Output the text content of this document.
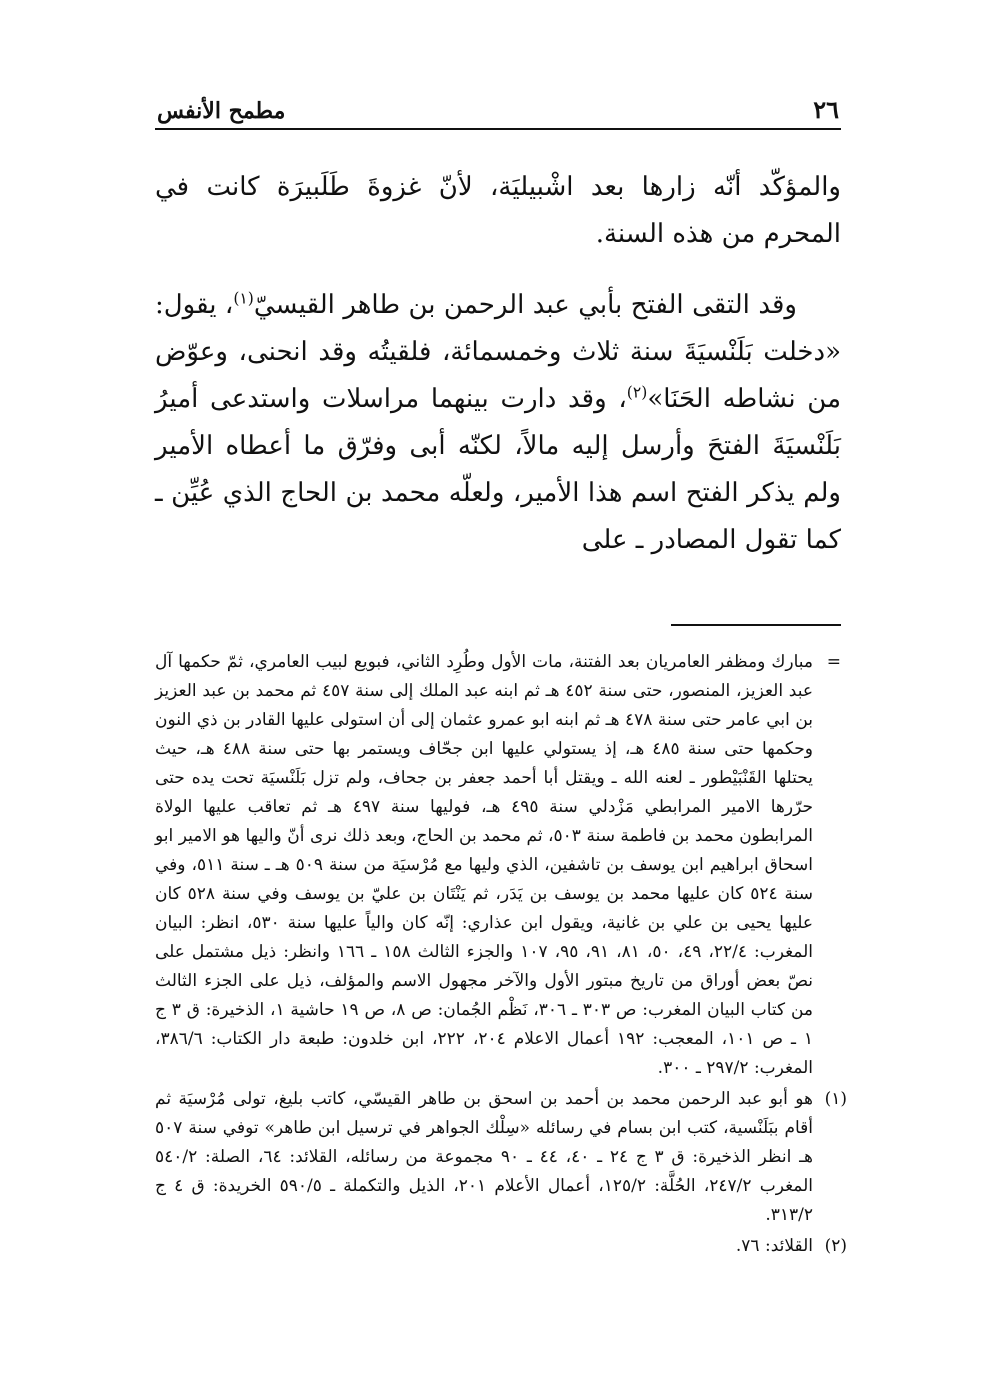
٢٦
مطمح الأنفس

والمؤكّد أنّه زارها بعد اشْبيليَة، لأنّ غزوةَ طَلَبيرَة كانت في المحرم من هذه السنة.

وقد التقى الفتح بأبي عبد الرحمن بن طاهر القيسيّ$^{(١)}$، يقول: «دخلت بَلَنْسيَةَ سنة ثلاث وخمسمائة، فلقيتُه وقد انحنى، وعوّض من نشاطه الحَنَا»$^{(٢)}$، وقد دارت بينهما مراسلات واستدعى أميرُ بَلَنْسيَةَ الفتحَ وأرسل إليه مالاً، لكنّه أبى وفرّق ما أعطاه الأمير ولم يذكر الفتح اسم هذا الأمير، ولعلّه محمد بن الحاج الذي عُيِّن ـ كما تقول المصادر ـ على

=
مبارك ومظفر العامريان بعد الفتنة، مات الأول وطُرِد الثاني، فبويع لبيب العامري، ثمّ حكمها آل عبد العزيز، المنصور، حتى سنة ٤٥٢ هـ ثم ابنه عبد الملك إلى سنة ٤٥٧ ثم محمد بن عبد العزيز بن ابي عامر حتى سنة ٤٧٨ هـ ثم ابنه ابو عمرو عثمان إلى أن استولى عليها القادر بن ذي النون وحكمها حتى سنة ٤٨٥ هـ، إذ يستولي عليها ابن جحّاف ويستمر بها حتى سنة ٤٨٨ هـ، حيث يحتلها القَنْبَيْطور ـ لعنه الله ـ ويقتل أبا أحمد جعفر بن جحاف، ولم تزل بَلَنْسيَة تحت يده حتى حرّرها الامير المرابطي مَزْدلي سنة ٤٩٥ هـ، فوليها سنة ٤٩٧ هـ ثم تعاقب عليها الولاة المرابطون محمد بن فاطمة سنة ٥٠٣، ثم محمد بن الحاج، وبعد ذلك نرى أنّ واليها هو الامير ابو اسحاق ابراهيم ابن يوسف بن تاشفين، الذي وليها مع مُرْسيَة من سنة ٥٠٩ هـ ـ سنة ٥١١، وفي سنة ٥٢٤ كان عليها محمد بن يوسف بن يَدَر، ثم يَنْتَان بن عليّ بن يوسف وفي سنة ٥٢٨ كان عليها يحيى بن علي بن غانية، ويقول ابن عذاري: إنّه كان والياً عليها سنة ٥٣٠، انظر: البيان المغرب: ٢٢/٤، ٤٩، ٥٠، ٨١، ٩١، ٩٥، ١٠٧ والجزء الثالث ١٥٨ ـ ١٦٦ وانظر: ذيل مشتمل على نصّ بعض أوراق من تاريخ مبتور الأول والآخر مجهول الاسم والمؤلف، ذيل على الجزء الثالث من كتاب البيان المغرب: ص ٣٠٣ ـ ٣٠٦، نَظْم الجُمان: ص ٨، ص ١٩ حاشية ١، الذخيرة: ق ٣ ج ١ ـ ص ١٠١، المعجب: ١٩٢ أعمال الاعلام ٢٠٤، ٢٢٢، ابن خلدون: طبعة دار الكتاب: ٣٨٦/٦، المغرب: ٢٩٧/٢ ـ ٣٠٠.

(١)
هو أبو عبد الرحمن محمد بن أحمد بن اسحق بن طاهر القيسّي، كاتب بليغ، تولى مُرْسيَة ثم أقام ببَلَنْسية، كتب ابن بسام في رسائله «سِلْك الجواهر في ترسيل ابن طاهر» توفي سنة ٥٠٧ هـ انظر الذخيرة: ق ٣ ج ٢٤ ـ ٤٠، ٤٤ ـ ٩٠ مجموعة من رسائله، القلائد: ٦٤، الصلة: ٥٤٠/٢ المغرب ٢٤٧/٢، الحُلَّة: ١٢٥/٢، أعمال الأعلام ٢٠١، الذيل والتكملة ـ ٥٩٠/٥ الخريدة: ق ٤ ج ٣١٣/٢.

(٢)
القلائد: ٧٦.
